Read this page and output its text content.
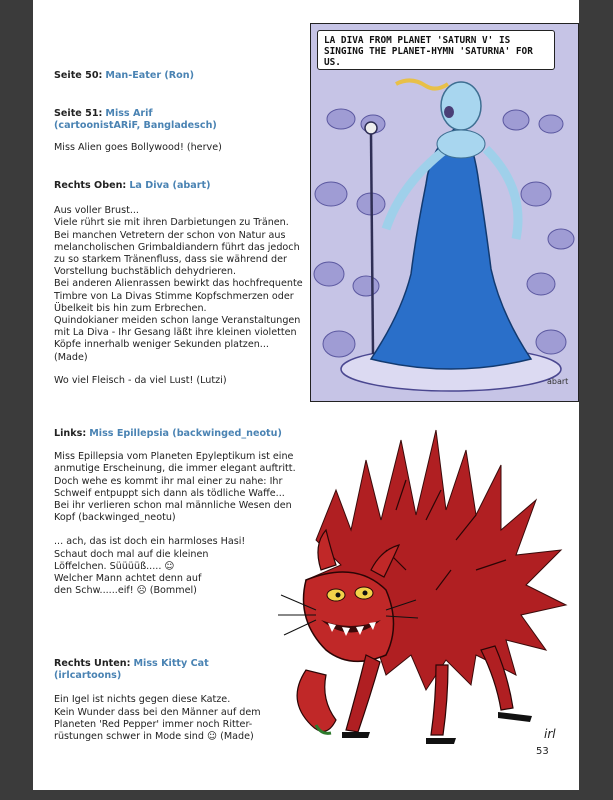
Seite 50: Man-Eater (Ron)
Seite 51: Miss Arif
(cartoonistARiF, Bangladesch)
Miss Alien goes Bollywood! (herve)
Rechts Oben: La Diva (abart)

Aus voller Brust...

Viele rührt sie mit ihren Darbietungen zu Tränen.

Bei manchen Vetretern der schon von Natur aus

melancholischen Grimbaldiandern führt das jedoch

zu so starkem Tränenfluss, dass sie während der

Vorstellung buchstäblich dehydrieren.

Bei anderen Alienrassen bewirkt das hochfrequente

Timbre von La Divas Stimme Kopfschmerzen oder

Übelkeit bis hin zum Erbrechen.

Quindokianer meiden schon lange Veranstaltungen

mit La Diva - Ihr Gesang läßt ihre kleinen violetten

Köpfe innerhalb weniger Sekunden platzen...

(Made)

Wo viel Fleisch - da viel Lust! (Lutzi)
Links: Miss Epillepsia (backwinged_neotu)

Miss Epillepsia vom Planeten Epyleptikum ist eine

anmutige Erscheinung, die immer elegant auftritt.

Doch wehe es kommt ihr mal einer zu nahe: Ihr

Schweif entpuppt sich dann als tödliche Waffe...

Bei ihr verlieren schon mal männliche Wesen den

Kopf (backwinged_neotu)

... ach, das ist doch ein harmloses Hasi!

Schaut doch mal auf die kleinen

Löffelchen. Süüüüß..... ☺

Welcher Mann achtet denn auf

den Schw......eif! ☹ (Bommel)

Rechts Unten: Miss Kitty Cat
(irlcartoons)

Ein Igel ist nichts gegen diese Katze.

Kein Wunder dass bei den Männer auf dem

Planeten 'Red Pepper' immer noch Ritter-

rüstungen schwer in Mode sind ☺ (Made)

abart
LA DIVA FROM PLANET 'SATURN V' IS SINGING THE PLANET-HYMN 'SATURNA' FOR US.
irl
53
